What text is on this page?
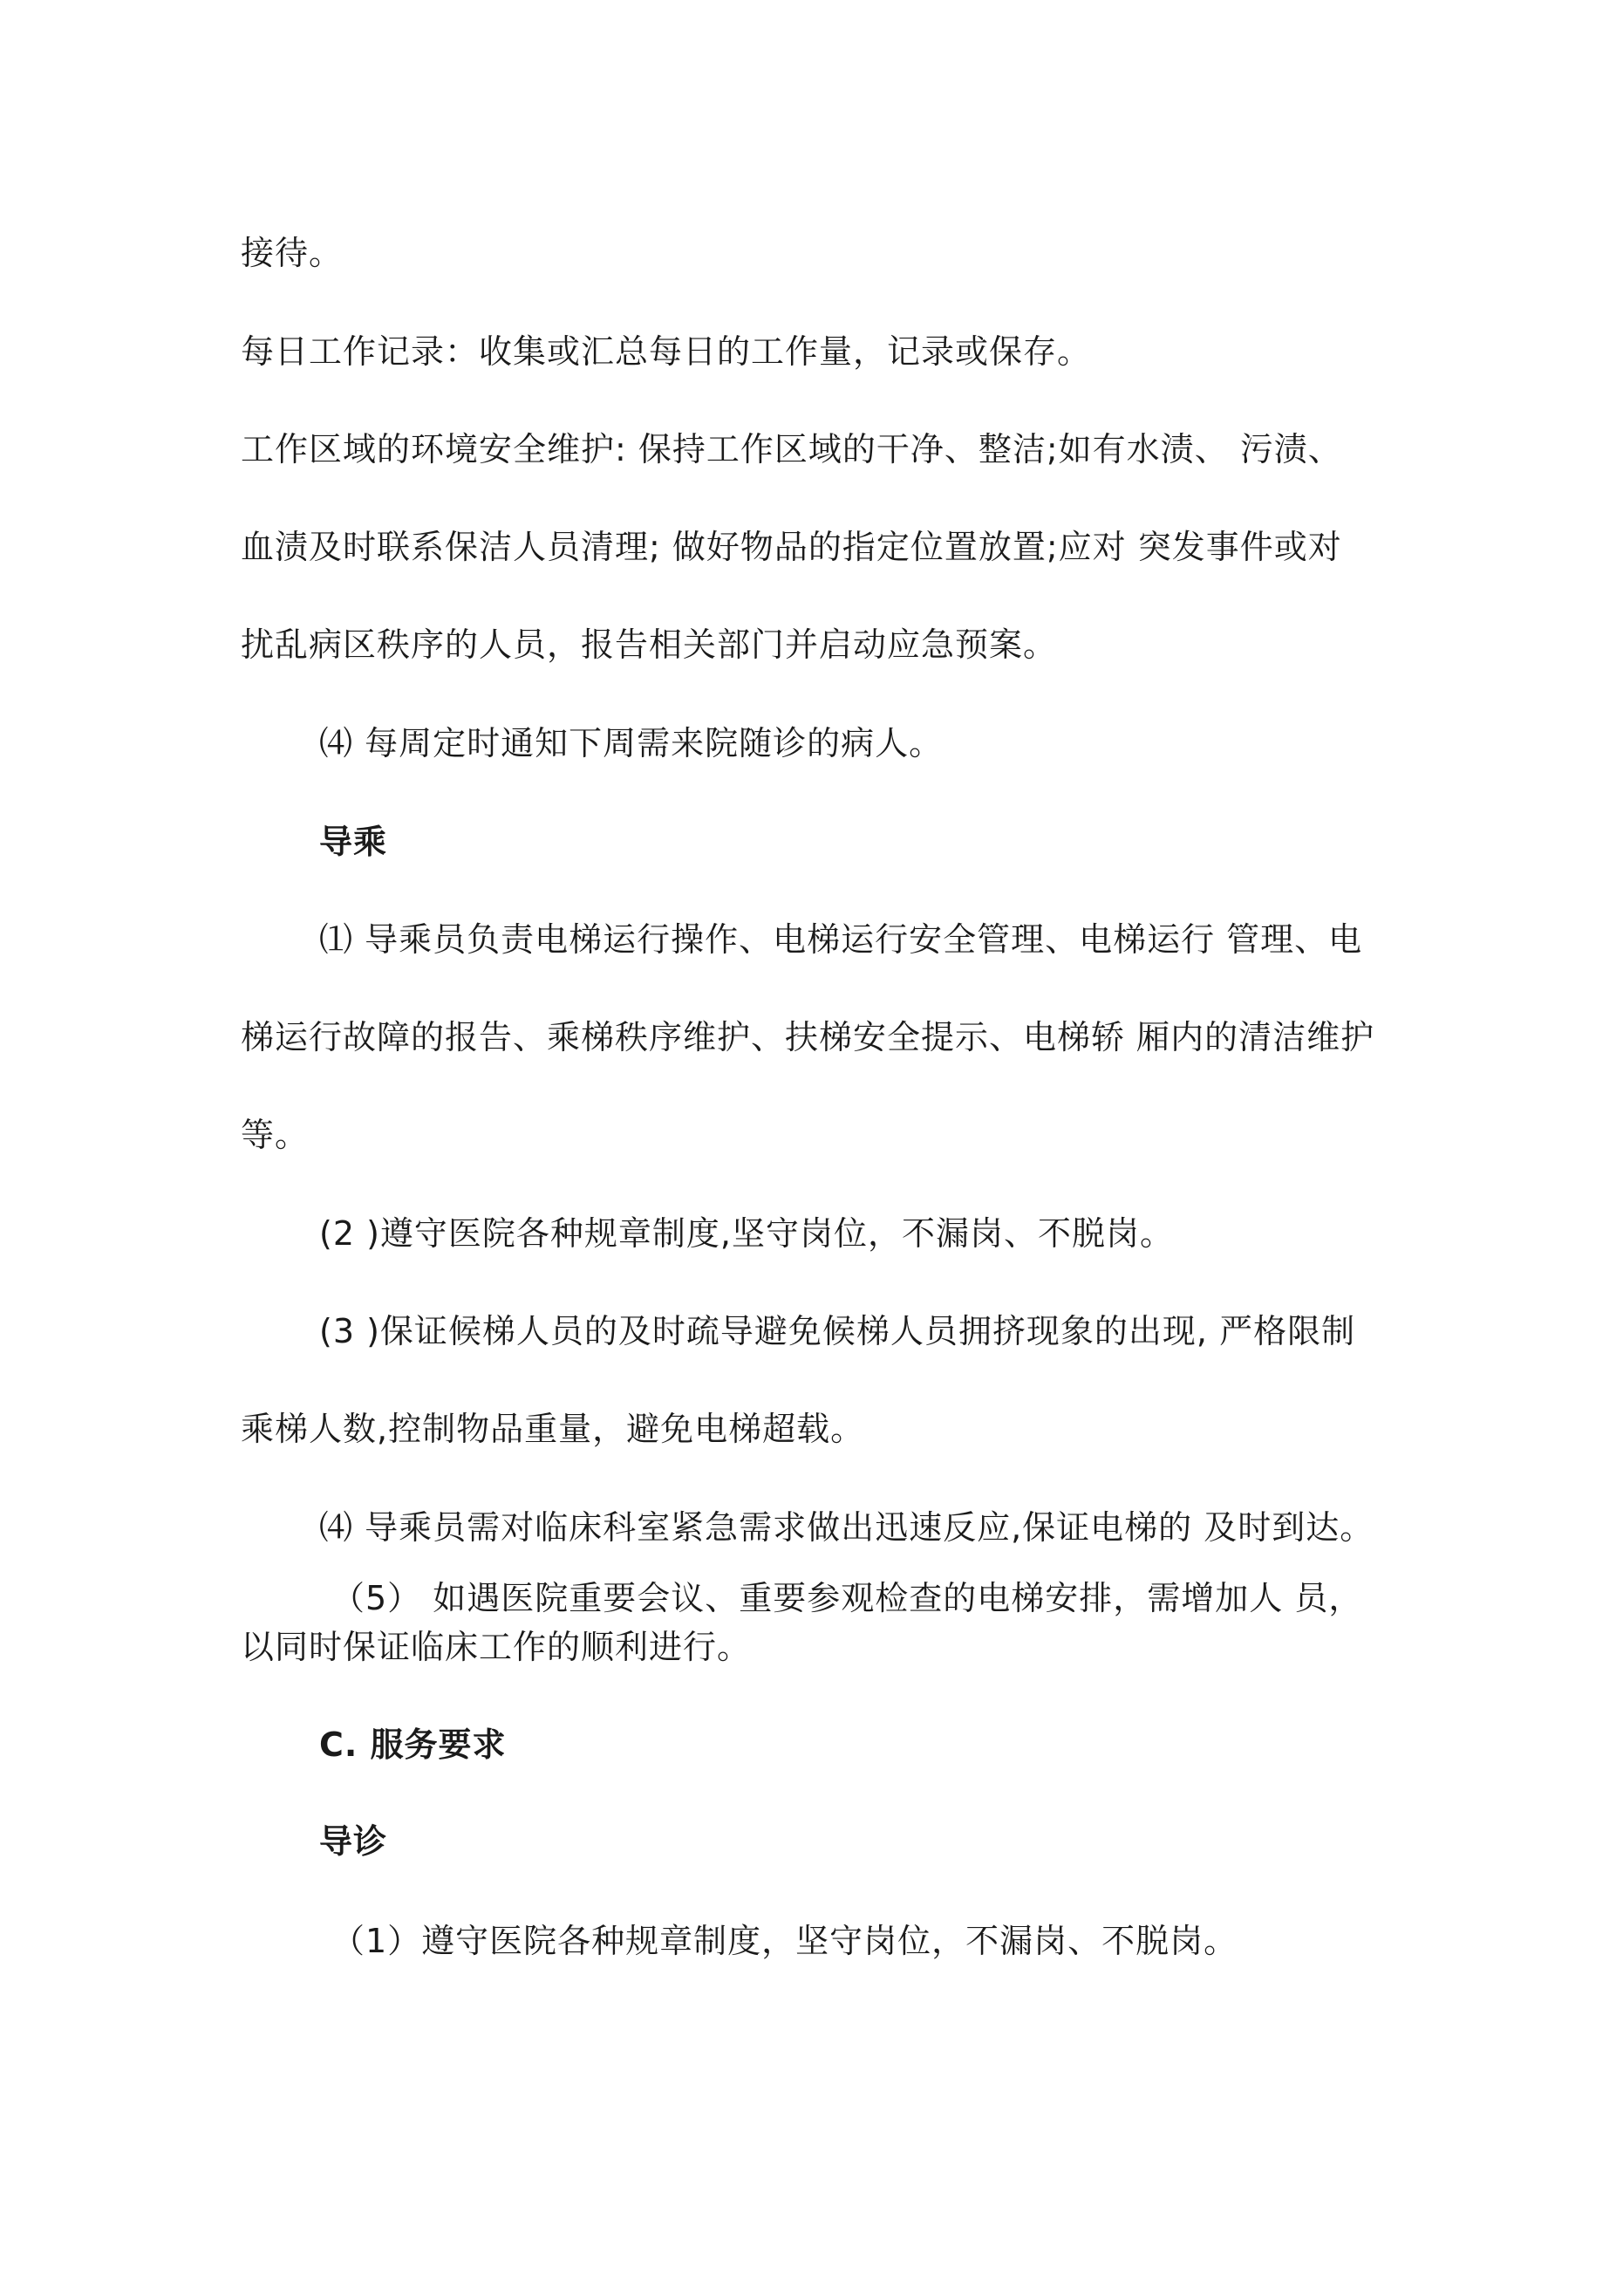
接待。

每日工作记录：收集或汇总每日的工作量，记录或保存。

工作区域的环境安全维护: 保持工作区域的干净、整洁;如有水渍、 污渍、

血渍及时联系保洁人员清理; 做好物品的指定位置放置;应对 突发事件或对

扰乱病区秩序的人员，报告相关部门并启动应急预案。

⑷ 每周定时通知下周需来院随诊的病人。

导乘

⑴ 导乘员负责电梯运行操作、电梯运行安全管理、电梯运行 管理、电

梯运行故障的报告、乘梯秩序维护、扶梯安全提示、电梯轿 厢内的清洁维护

等。

(2 )遵守医院各种规章制度,坚守岗位，不漏岗、不脱岗。

(3 )保证候梯人员的及时疏导避免候梯人员拥挤现象的出现, 严格限制

乘梯人数,控制物品重量，避免电梯超载。

⑷ 导乘员需对临床科室紧急需求做出迅速反应,保证电梯的 及时到达。

（5） 如遇医院重要会议、重要参观检查的电梯安排，需增加人 员，

以同时保证临床工作的顺利进行。

C. 服务要求

导诊

（1）遵守医院各种规章制度，坚守岗位，不漏岗、不脱岗。
